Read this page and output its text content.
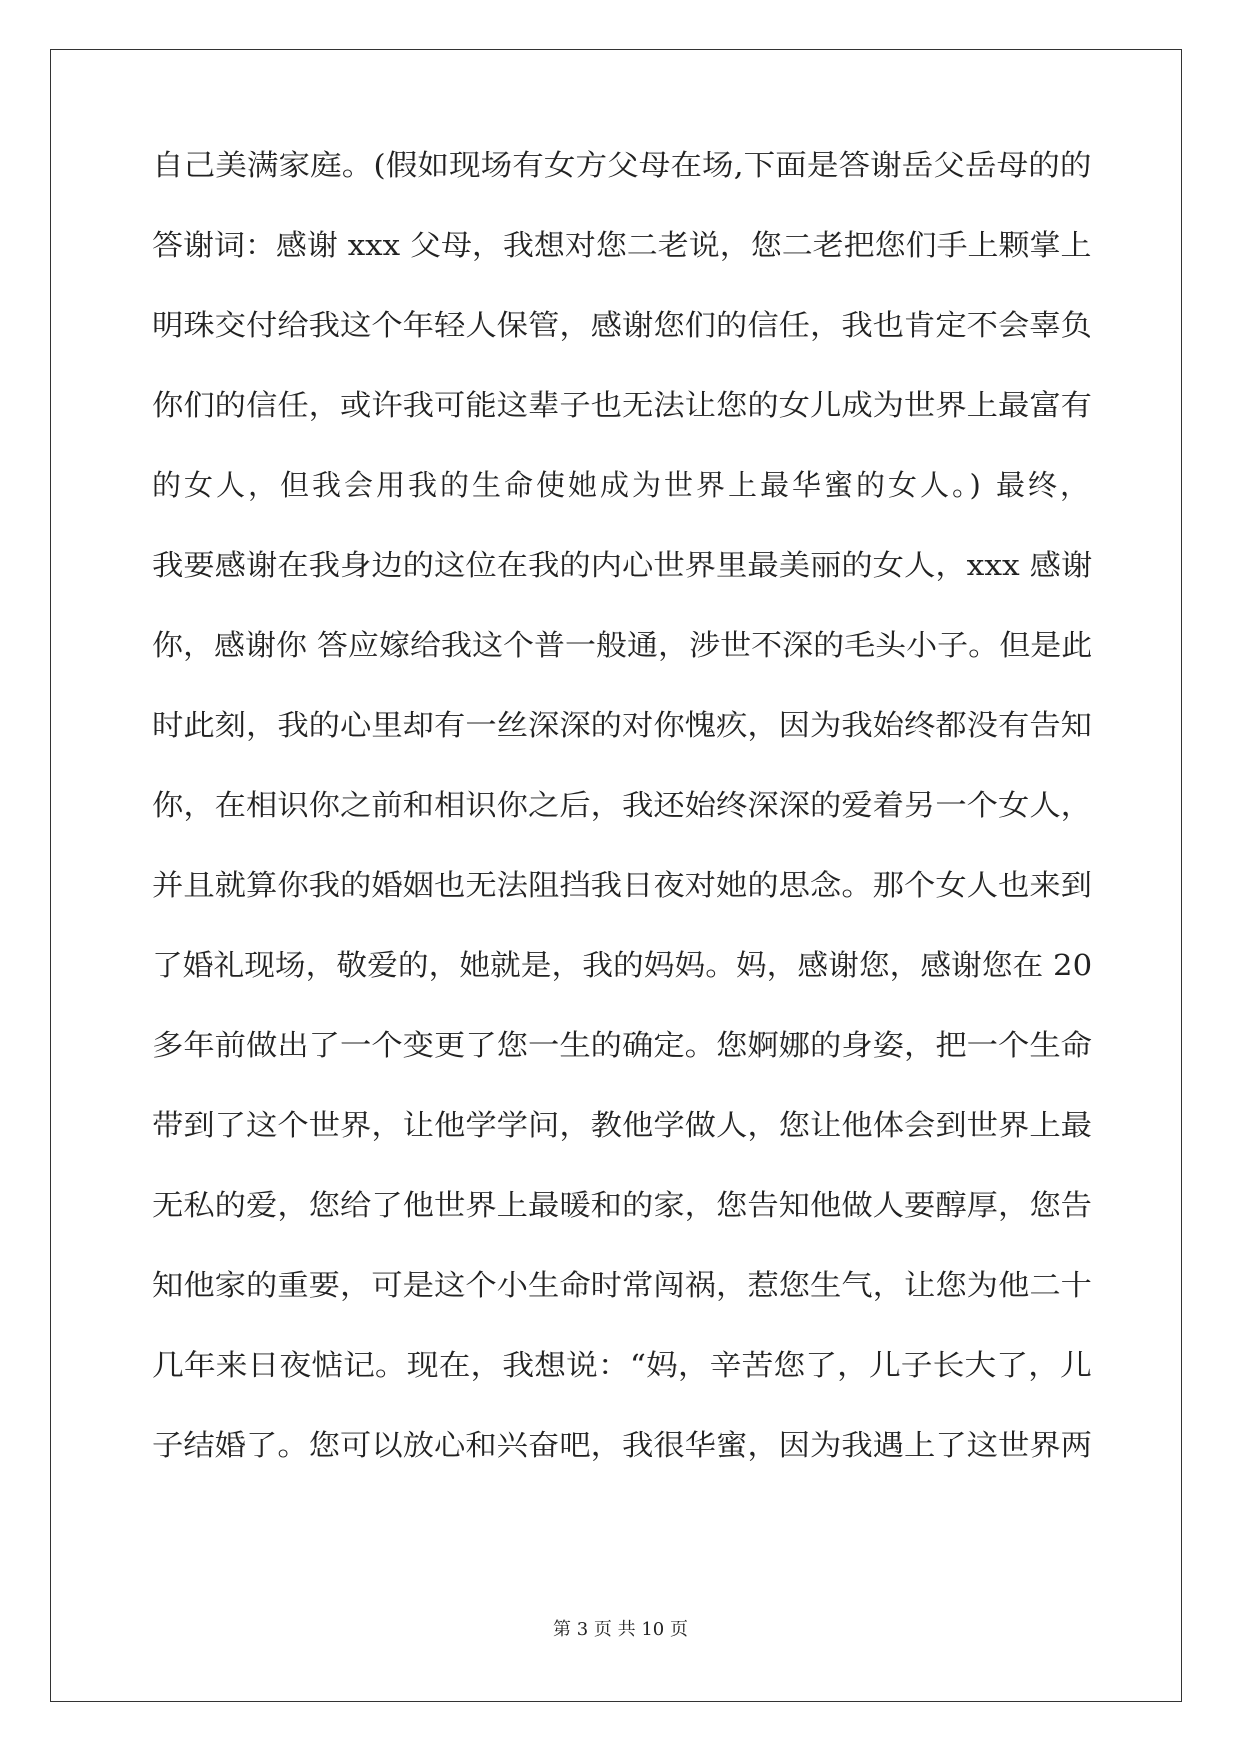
自己美满家庭。(假如现场有女方父母在场,下面是答谢岳父岳母的的
答谢词：感谢 xxx 父母，我想对您二老说，您二老把您们手上颗掌上
明珠交付给我这个年轻人保管，感谢您们的信任，我也肯定不会辜负
你们的信任，或许我可能这辈子也无法让您的女儿成为世界上最富有
的女人，但我会用我的生命使她成为世界上最华蜜的女人。) 最终，
我要感谢在我身边的这位在我的内心世界里最美丽的女人，xxx 感谢
你，感谢你 答应嫁给我这个普一般通，涉世不深的毛头小子。但是此
时此刻，我的心里却有一丝深深的对你愧疚，因为我始终都没有告知
你，在相识你之前和相识你之后，我还始终深深的爱着另一个女人，
并且就算你我的婚姻也无法阻挡我日夜对她的思念。那个女人也来到
了婚礼现场，敬爱的，她就是，我的妈妈。妈，感谢您，感谢您在 20
多年前做出了一个变更了您一生的确定。您婀娜的身姿，把一个生命
带到了这个世界，让他学学问，教他学做人，您让他体会到世界上最
无私的爱，您给了他世界上最暖和的家，您告知他做人要醇厚，您告
知他家的重要，可是这个小生命时常闯祸，惹您生气，让您为他二十
几年来日夜惦记。现在，我想说：“妈，辛苦您了，儿子长大了，儿
子结婚了。您可以放心和兴奋吧，我很华蜜，因为我遇上了这世界两
第 3 页 共 10 页
